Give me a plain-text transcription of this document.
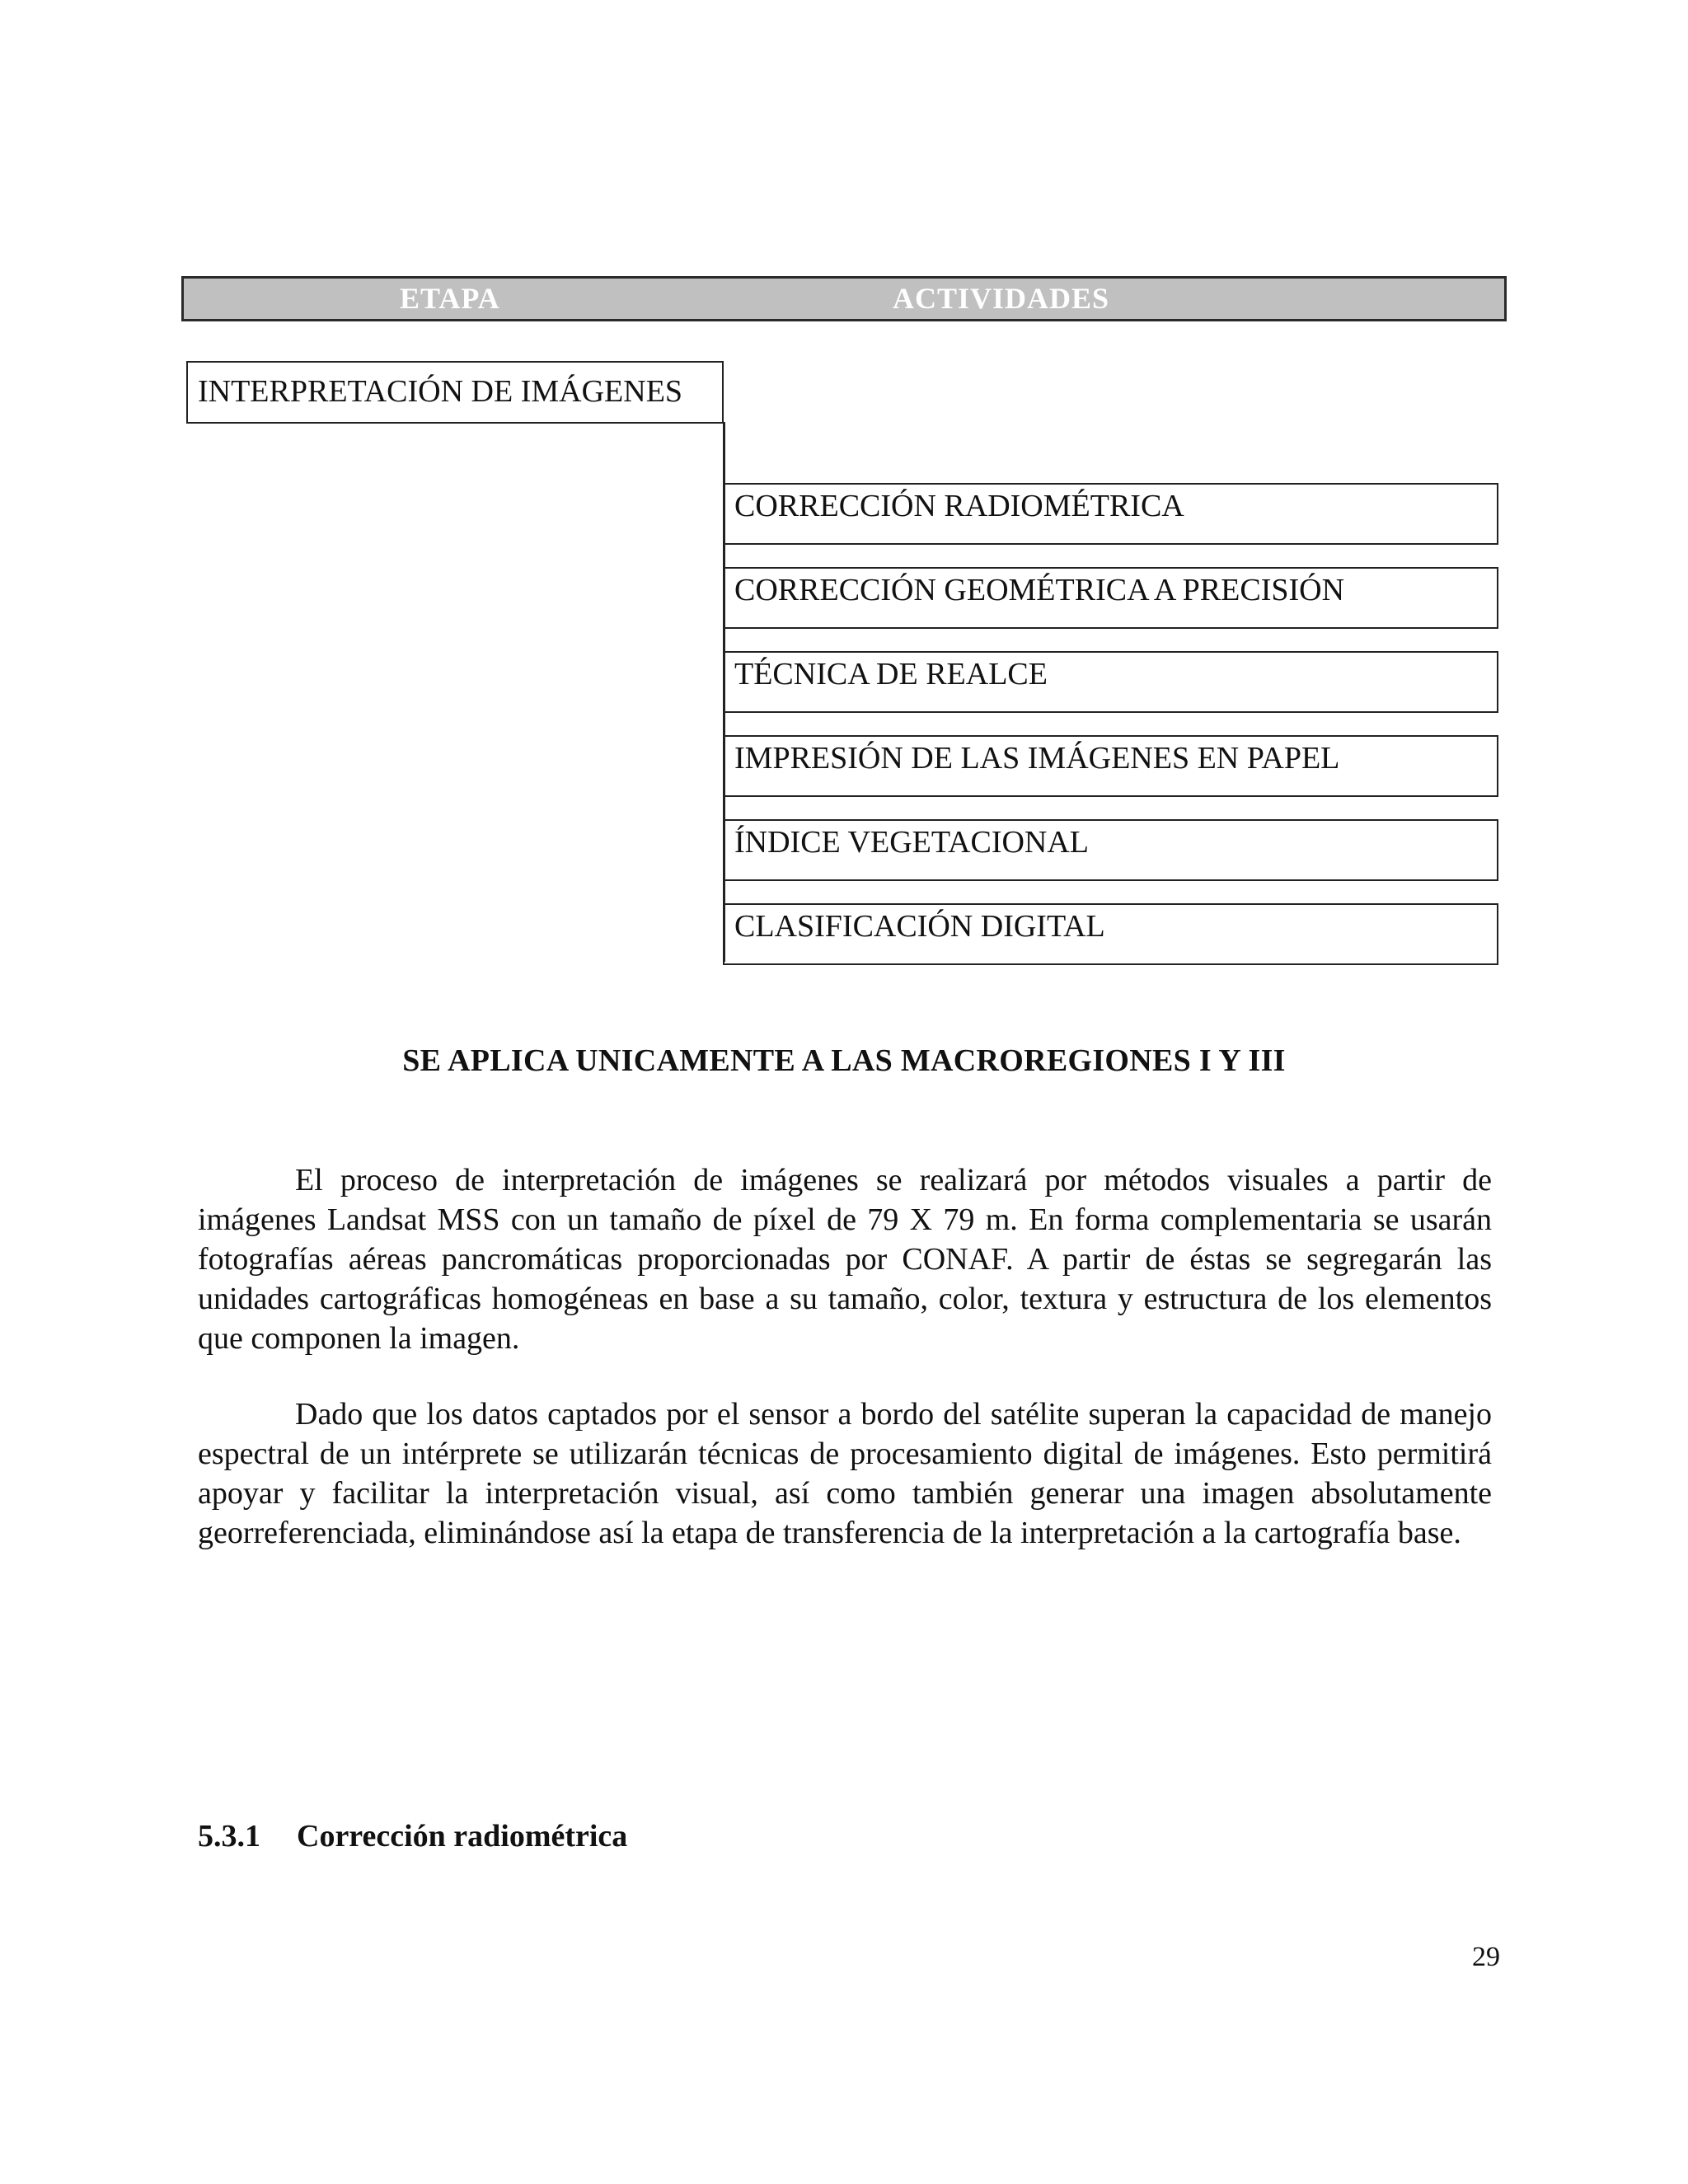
ETAPA	ACTIVIDADES
INTERPRETACIÓN DE IMÁGENES
CORRECCIÓN RADIOMÉTRICA
CORRECCIÓN GEOMÉTRICA A PRECISIÓN
TÉCNICA DE REALCE
IMPRESIÓN DE LAS IMÁGENES EN PAPEL
ÍNDICE VEGETACIONAL
CLASIFICACIÓN DIGITAL
SE APLICA UNICAMENTE A LAS MACROREGIONES I Y III

El proceso de interpretación de imágenes se realizará por métodos visuales a partir de imágenes Landsat MSS con un tamaño de píxel de 79 X 79 m. En forma complementaria se usarán fotografías aéreas pancromáticas proporcionadas por CONAF. A partir de éstas se segregarán las unidades cartográficas homogéneas en base a su tamaño, color, textura y estructura de los elementos que componen la imagen.

Dado que los datos captados por el sensor a bordo del satélite superan la capacidad de manejo espectral de un intérprete se utilizarán técnicas de procesamiento digital de imágenes. Esto permitirá apoyar y facilitar la interpretación visual, así como también generar una imagen absolutamente georreferenciada, eliminándose así la etapa de transferencia de la interpretación a la cartografía base.

5.3.1 Corrección radiométrica
29
